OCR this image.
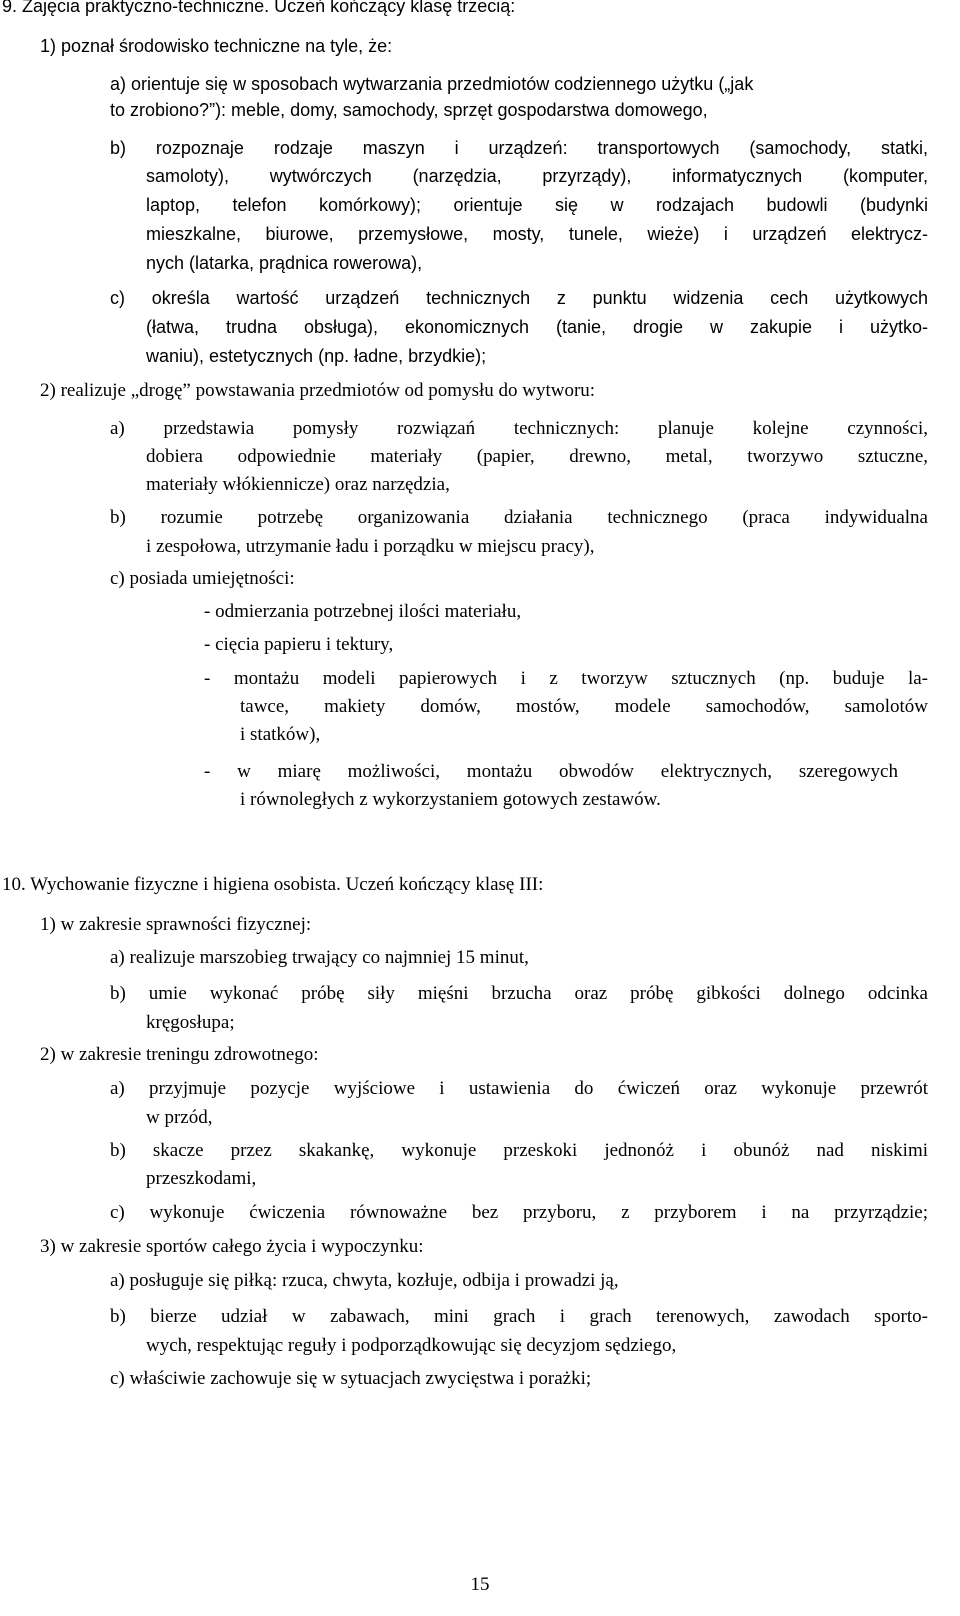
9. Zajęcia praktyczno-techniczne. Uczeń kończący klasę trzecią:
1) poznał środowisko techniczne na tyle, że:
a) orientuje się w sposobach wytwarzania przedmiotów codziennego użytku („jak
to zrobiono?”): meble, domy, samochody, sprzęt gospodarstwa domowego,
b) rozpoznaje rodzaje maszyn i urządzeń: transportowych (samochody, statki,
samoloty), wytwórczych (narzędzia, przyrządy), informatycznych (komputer,
laptop, telefon komórkowy); orientuje się w rodzajach budowli (budynki
mieszkalne, biurowe, przemysłowe, mosty, tunele, wieże) i urządzeń elektrycz-
nych (latarka, prądnica rowerowa),
c) określa wartość urządzeń technicznych z punktu widzenia cech użytkowych
(łatwa, trudna obsługa), ekonomicznych (tanie, drogie w zakupie i użytko-
waniu), estetycznych (np. ładne, brzydkie);
2) realizuje „drogę” powstawania przedmiotów od pomysłu do wytworu:
a) przedstawia pomysły rozwiązań technicznych: planuje kolejne czynności,
dobiera odpowiednie materiały (papier, drewno, metal, tworzywo sztuczne,
materiały włókiennicze) oraz narzędzia,
b) rozumie potrzebę organizowania działania technicznego (praca indywidualna
i zespołowa, utrzymanie ładu i porządku w miejscu pracy),
c) posiada umiejętności:
- odmierzania potrzebnej ilości materiału,
- cięcia papieru i tektury,
- montażu modeli papierowych i z tworzyw sztucznych (np. buduje la-
tawce, makiety domów, mostów, modele samochodów, samolotów
i statków),
- w miarę możliwości, montażu obwodów elektrycznych, szeregowych
i równoległych z wykorzystaniem gotowych zestawów.
10. Wychowanie fizyczne i higiena osobista. Uczeń kończący klasę III:
1) w zakresie sprawności fizycznej:
a) realizuje marszobieg trwający co najmniej 15 minut,
b) umie wykonać próbę siły mięśni brzucha oraz próbę gibkości dolnego odcinka
kręgosłupa;
2) w zakresie treningu zdrowotnego:
a) przyjmuje pozycje wyjściowe i ustawienia do ćwiczeń oraz wykonuje przewrót
w przód,
b) skacze przez skakankę, wykonuje przeskoki jednonóż i obunóż nad niskimi
przeszkodami,
c) wykonuje ćwiczenia równoważne bez przyboru, z przyborem i na przyrządzie;
3) w zakresie sportów całego życia i wypoczynku:
a) posługuje się piłką: rzuca, chwyta, kozłuje, odbija i prowadzi ją,
b) bierze udział w zabawach, mini grach i grach terenowych, zawodach sporto-
wych, respektując reguły i podporządkowując się decyzjom sędziego,
c) właściwie zachowuje się w sytuacjach zwycięstwa i porażki;
15
